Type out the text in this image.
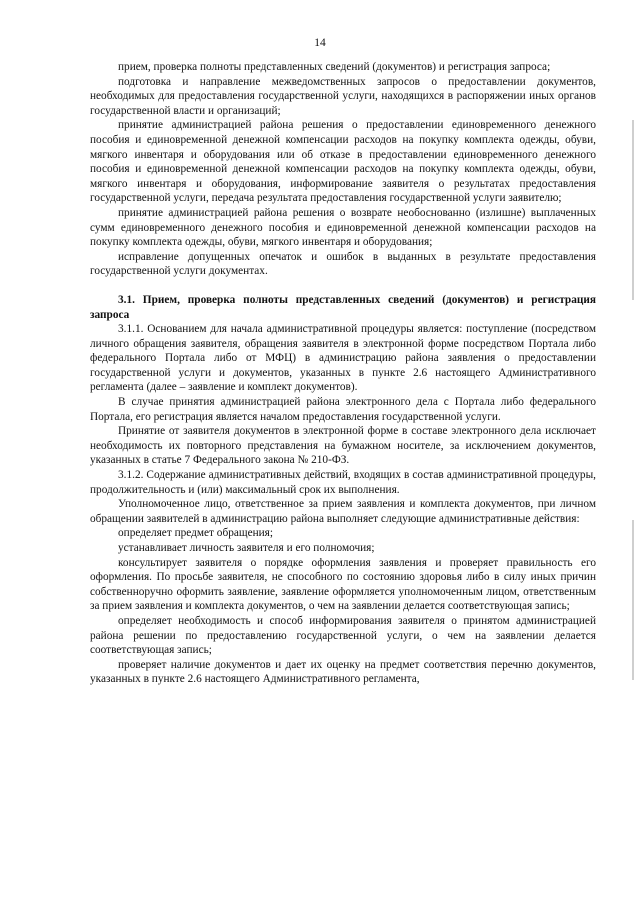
14

прием, проверка полноты представленных сведений (документов) и регистрация запроса;

подготовка и направление межведомственных запросов о предоставлении документов, необходимых для предоставления государственной услуги, находящихся в распоряжении иных органов государственной власти и организаций;

принятие администрацией района решения о предоставлении единовременного денежного пособия и единовременной денежной компенсации расходов на покупку комплекта одежды, обуви, мягкого инвентаря и оборудования или об отказе в предоставлении единовременного денежного пособия и единовременной денежной компенсации расходов на покупку комплекта одежды, обуви, мягкого инвентаря и оборудования, информирование заявителя о результатах предоставления государственной услуги, передача результата предоставления государственной услуги заявителю;

принятие администрацией района решения о возврате необоснованно (излишне) выплаченных сумм единовременного денежного пособия и единовременной денежной компенсации расходов на покупку комплекта одежды, обуви, мягкого инвентаря и оборудования;

исправление допущенных опечаток и ошибок в выданных в результате предоставления государственной услуги документах.

3.1. Прием, проверка полноты представленных сведений (документов) и регистрация запроса

3.1.1. Основанием для начала административной процедуры является: поступление (посредством личного обращения заявителя, обращения заявителя в электронной форме посредством Портала либо федерального Портала либо от МФЦ) в администрацию района заявления о предоставлении государственной услуги и документов, указанных в пункте 2.6 настоящего Административного регламента (далее – заявление и комплект документов).

В случае принятия администрацией района электронного дела с Портала либо федерального Портала, его регистрация является началом предоставления государственной услуги.

Принятие от заявителя документов в электронной форме в составе электронного дела исключает необходимость их повторного представления на бумажном носителе, за исключением документов, указанных в статье 7 Федерального закона № 210-ФЗ.

3.1.2. Содержание административных действий, входящих в состав административной процедуры, продолжительность и (или) максимальный срок их выполнения.

Уполномоченное лицо, ответственное за прием заявления и комплекта документов, при личном обращении заявителей в администрацию района выполняет следующие административные действия:

определяет предмет обращения;

устанавливает личность заявителя и его полномочия;

консультирует заявителя о порядке оформления заявления и проверяет правильность его оформления. По просьбе заявителя, не способного по состоянию здоровья либо в силу иных причин собственноручно оформить заявление, заявление оформляется уполномоченным лицом, ответственным за прием заявления и комплекта документов, о чем на заявлении делается соответствующая запись;

определяет необходимость и способ информирования заявителя о принятом администрацией района решении по предоставлению государственной услуги, о чем на заявлении делается соответствующая запись;

проверяет наличие документов и дает их оценку на предмет соответствия перечню документов, указанных в пункте 2.6 настоящего Административного регламента,
